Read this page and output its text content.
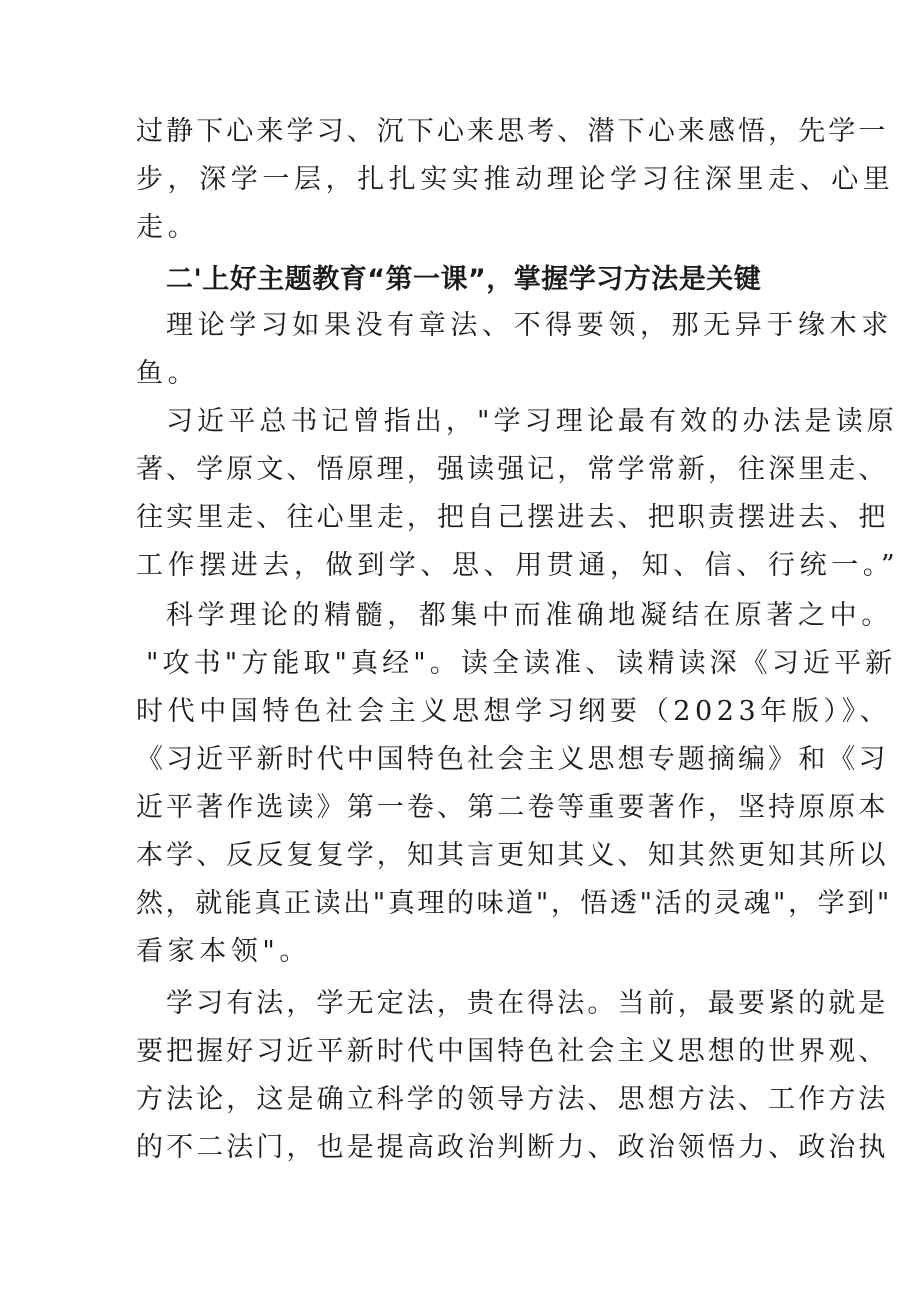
过静下心来学习、沉下心来思考、潜下心来感悟，先学一
步，深学一层，扎扎实实推动理论学习往深里走、心里
走。
二'上好主题教育“第一课”，掌握学习方法是关键
理论学习如果没有章法、不得要领，那无异于缘木求
鱼。
习近平总书记曾指出，"学习理论最有效的办法是读原
著、学原文、悟原理，强读强记，常学常新，往深里走、
往实里走、往心里走，把自己摆进去、把职责摆进去、把
工作摆进去，做到学、思、用贯通，知、信、行统一。”
科学理论的精髓，都集中而准确地凝结在原著之中。
"攻书"方能取"真经"。读全读准、读精读深《习近平新
时代中国特色社会主义思想学习纲要（2023年版）》、
《习近平新时代中国特色社会主义思想专题摘编》和《习
近平著作选读》第一卷、第二卷等重要著作，坚持原原本
本学、反反复复学，知其言更知其义、知其然更知其所以
然，就能真正读出"真理的味道"，悟透"活的灵魂"，学到"
看家本领"。
学习有法，学无定法，贵在得法。当前，最要紧的就是
要把握好习近平新时代中国特色社会主义思想的世界观、
方法论，这是确立科学的领导方法、思想方法、工作方法
的不二法门，也是提高政治判断力、政治领悟力、政治执
